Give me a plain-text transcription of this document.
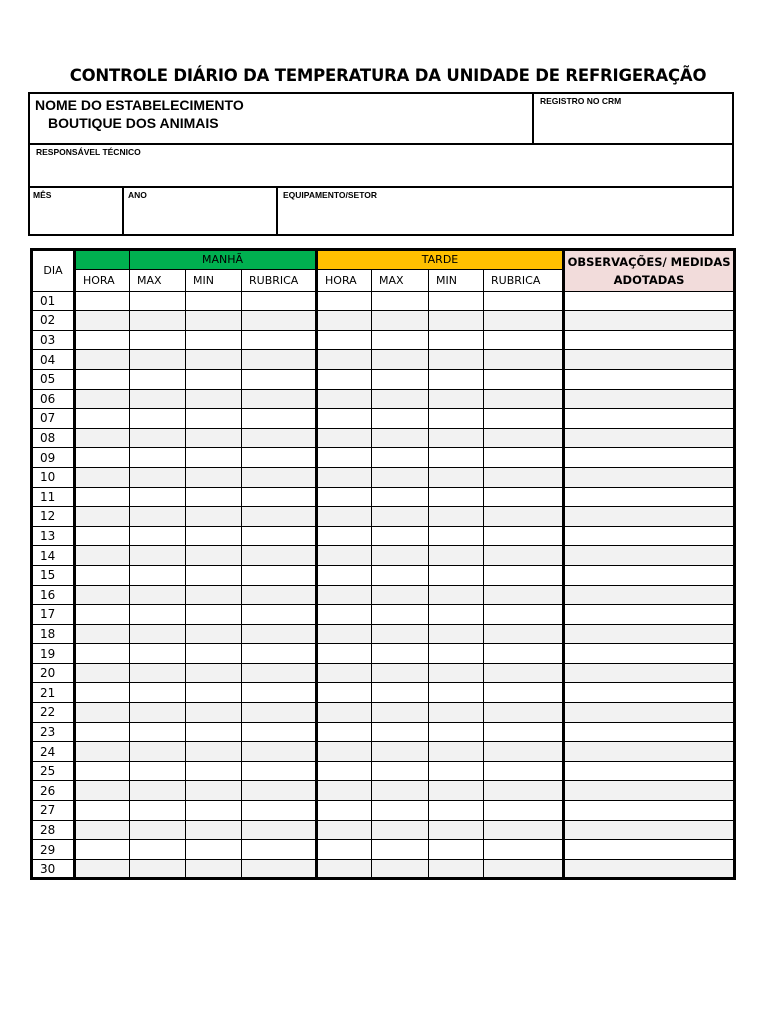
CONTROLE DIÁRIO DA TEMPERATURA DA UNIDADE DE REFRIGERAÇÃO
NOME DO ESTABELECIMENTO
BOUTIQUE DOS ANIMAIS
REGISTRO NO CRM
RESPONSÁVEL TÉCNICO
MÊS	ANO	EQUIPAMENTO/SETOR
DIA		MANHÃ			TARDE				OBSERVAÇÕES/ MEDIDAS ADOTADAS
	HORA	MAX	MIN	RUBRICA	HORA	MAX	MIN	RUBRICA	
01									
02									
03									
04									
05									
06									
07									
08									
09									
10									
11									
12									
13									
14									
15									
16									
17									
18									
19									
20									
21									
22									
23									
24									
25									
26									
27									
28									
29									
30									
